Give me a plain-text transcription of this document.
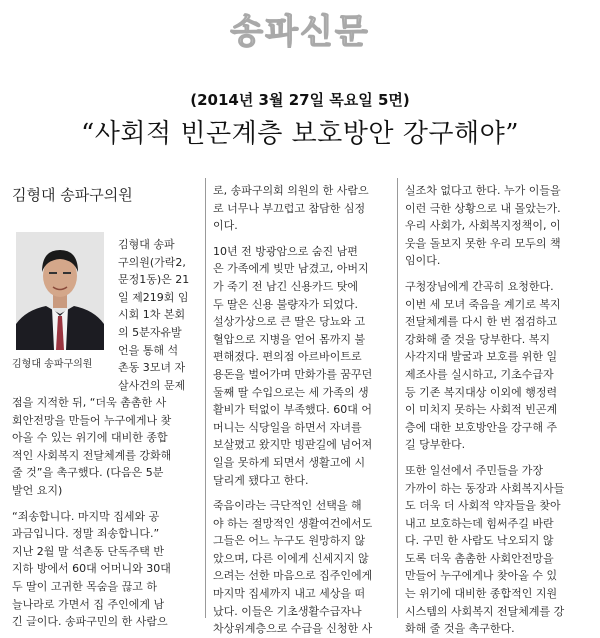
송파신문
(2014년 3월 27일 목요일 5면)
“사회적 빈곤계층 보호방안 강구해야”
김형대 송파구의원
김형대 송파구의원
김형대 송파
구의원(가락2,
문정1동)은 21
일 제219회 임
시회 1차 본회
의 5분자유발
언을 통해 석
촌동 3모녀 자
살사건의 문제
점을 지적한 뒤, “더욱 촘촘한 사
회안전망을 만들어 누구에게나 찾
아올 수 있는 위기에 대비한 종합
적인 사회복지 전달체계를 강화해
줄 것”을 촉구했다. (다음은 5분
발언 요지)
“죄송합니다. 마지막 집세와 공
과금입니다. 정말 죄송합니다.”
지난 2월 말 석촌동 단독주택 반
지하 방에서 60대 어머니와 30대
두 딸이 고귀한 목숨을 끊고 하
늘나라로 가면서 집 주인에게 남
긴 글이다. 송파구민의 한 사람으
로, 송파구의회 의원의 한 사람으
로 너무나 부끄럽고 참담한 심정
이다.
10년 전 방광암으로 숨진 남편
은 가족에게 빚만 남겼고, 아버지
가 죽기 전 남긴 신용카드 탓에
두 딸은 신용 불량자가 되었다.
설상가상으로 큰 딸은 당뇨와 고
혈압으로 지병을 얻어 몸까지 불
편해졌다. 편의점 아르바이트로
용돈을 벌어가며 만화가를 꿈꾸던
둘째 딸 수입으로는 세 가족의 생
활비가 턱없이 부족했다. 60대 어
머니는 식당일을 하면서 자녀를
보살폈고 왔지만 빙판길에 넘어져
일을 못하게 되면서 생활고에 시
달리게 됐다고 한다.
죽음이라는 극단적인 선택을 해
야 하는 절망적인 생활여건에서도
그들은 어느 누구도 원망하지 않
았으며, 다른 이에게 신세지지 않
으려는 선한 마음으로 집주인에게
마지막 집세까지 내고 세상을 떠
났다. 이들은 기초생활수급자나
차상위계층으로 수급을 신청한 사
실조차 없다고 한다. 누가 이들을
이런 극한 상황으로 내 몰았는가.
우리 사회가, 사회복지정책이, 이
웃을 돌보지 못한 우리 모두의 책
임이다.
구청장님에게 간곡히 요청한다.
이번 세 모녀 죽음을 계기로 복지
전달체계를 다시 한 번 점검하고
강화해 줄 것을 당부한다. 복지
사각지대 발굴과 보호를 위한 일
제조사를 실시하고, 기초수급자
등 기존 복지대상 이외에 행정력
이 미치지 못하는 사회적 빈곤계
층에 대한 보호방안을 강구해 주
길 당부한다.
또한 일선에서 주민들을 가장
가까이 하는 동장과 사회복지사들
도 더욱 더 사회적 약자들을 찾아
내고 보호하는데 힘써주길 바란
다. 구민 한 사람도 낙오되지 않
도록 더욱 촘촘한 사회안전망을
만들어 누구에게나 찾아올 수 있
는 위기에 대비한 종합적인 지원
시스템의 사회복지 전달체계를 강
화해 줄 것을 촉구한다.
